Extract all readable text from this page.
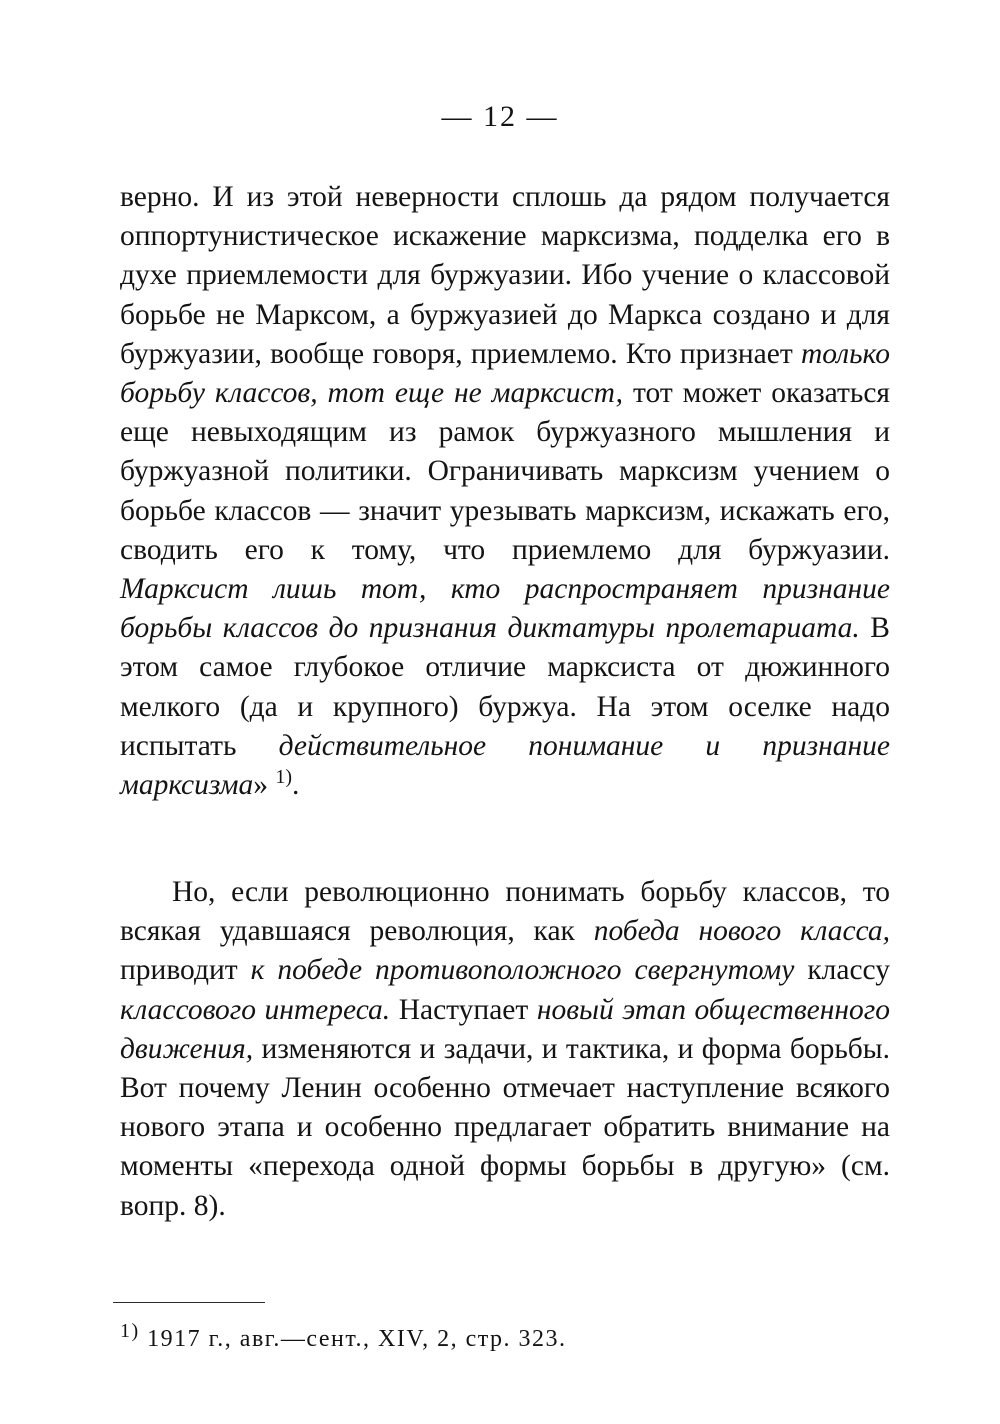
— 12 —

верно. И из этой неверности сплошь да рядом получается оппортунистическое искажение марксизма, подделка его в духе приемлемости для буржуазии. Ибо учение о классовой борьбе не Марксом, а буржуазией до Маркса создано и для буржуазии, вообще говоря, приемлемо. Кто признает только борьбу классов, тот еще не марксист, тот может оказаться еще невыходящим из рамок буржуазного мышления и буржуазной политики. Ограничивать марксизм учением о борьбе классов — значит урезывать марксизм, искажать его, сводить его к тому, что приемлемо для буржуазии. Марксист лишь тот, кто распространяет признание борьбы классов до признания диктатуры пролетариата. В этом самое глубокое отличие марксиста от дюжинного мелкого (да и крупного) буржуа. На этом оселке надо испытать действительное понимание и признание марксизма» $^{1)}$.

Но, если революционно понимать борьбу классов, то всякая удавшаяся революция, как победа нового класса, приводит к победе противоположного свергнутому классу классового интереса. Наступает новый этап общественного движения, изменяются и задачи, и тактика, и форма борьбы. Вот почему Ленин особенно отмечает наступление всякого нового этапа и особенно предлагает обратить внимание на моменты «перехода одной формы борьбы в другую» (см. вопр. 8).

$^{1)}$ 1917 г., авг.—сент., XIV, 2, стр. 323.
